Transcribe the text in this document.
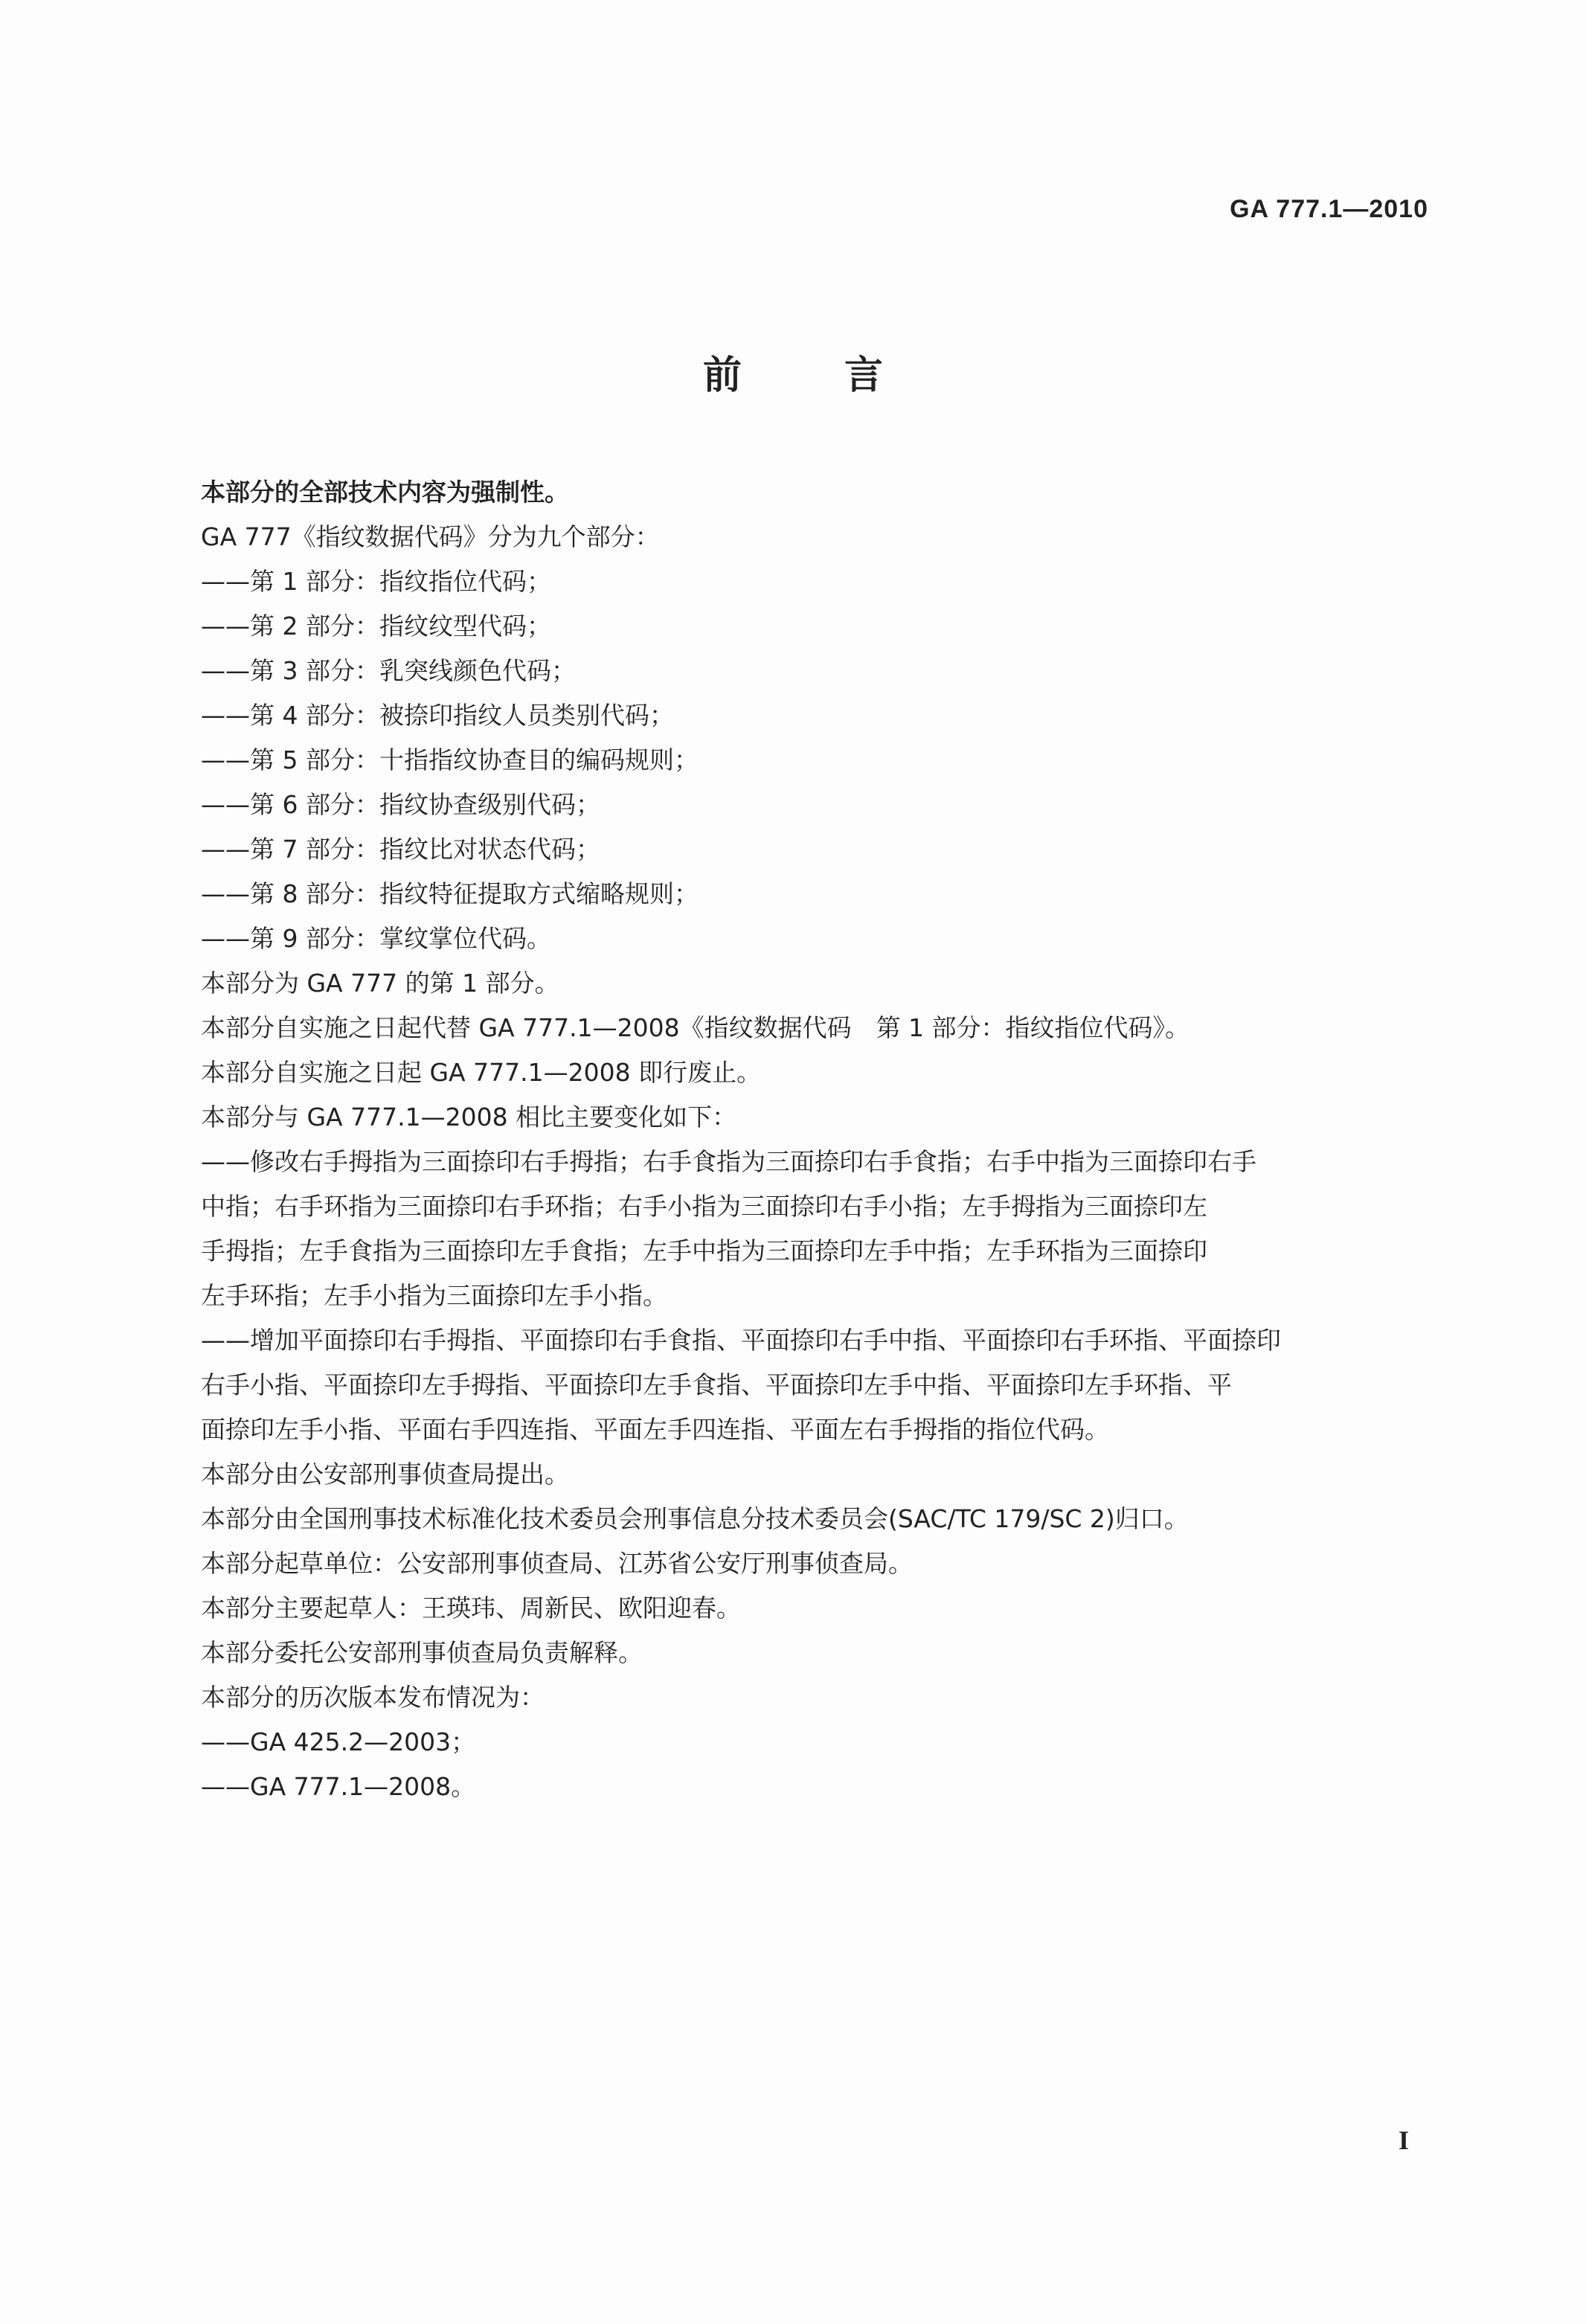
GA 777.1—2010
前 言
本部分的全部技术内容为强制性。
GA 777《指纹数据代码》分为九个部分：
——第 1 部分：指纹指位代码；
——第 2 部分：指纹纹型代码；
——第 3 部分：乳突线颜色代码；
——第 4 部分：被捺印指纹人员类别代码；
——第 5 部分：十指指纹协查目的编码规则；
——第 6 部分：指纹协查级别代码；
——第 7 部分：指纹比对状态代码；
——第 8 部分：指纹特征提取方式缩略规则；
——第 9 部分：掌纹掌位代码。
本部分为 GA 777 的第 1 部分。
本部分自实施之日起代替 GA 777.1—2008《指纹数据代码　第 1 部分：指纹指位代码》。
本部分自实施之日起 GA 777.1—2008 即行废止。
本部分与 GA 777.1—2008 相比主要变化如下：
——修改右手拇指为三面捺印右手拇指；右手食指为三面捺印右手食指；右手中指为三面捺印右手
中指；右手环指为三面捺印右手环指；右手小指为三面捺印右手小指；左手拇指为三面捺印左
手拇指；左手食指为三面捺印左手食指；左手中指为三面捺印左手中指；左手环指为三面捺印
左手环指；左手小指为三面捺印左手小指。
——增加平面捺印右手拇指、平面捺印右手食指、平面捺印右手中指、平面捺印右手环指、平面捺印
右手小指、平面捺印左手拇指、平面捺印左手食指、平面捺印左手中指、平面捺印左手环指、平
面捺印左手小指、平面右手四连指、平面左手四连指、平面左右手拇指的指位代码。
本部分由公安部刑事侦查局提出。
本部分由全国刑事技术标准化技术委员会刑事信息分技术委员会(SAC/TC 179/SC 2)归口。
本部分起草单位：公安部刑事侦查局、江苏省公安厅刑事侦查局。
本部分主要起草人：王瑛玮、周新民、欧阳迎春。
本部分委托公安部刑事侦查局负责解释。
本部分的历次版本发布情况为：
——GA 425.2—2003；
——GA 777.1—2008。
I
